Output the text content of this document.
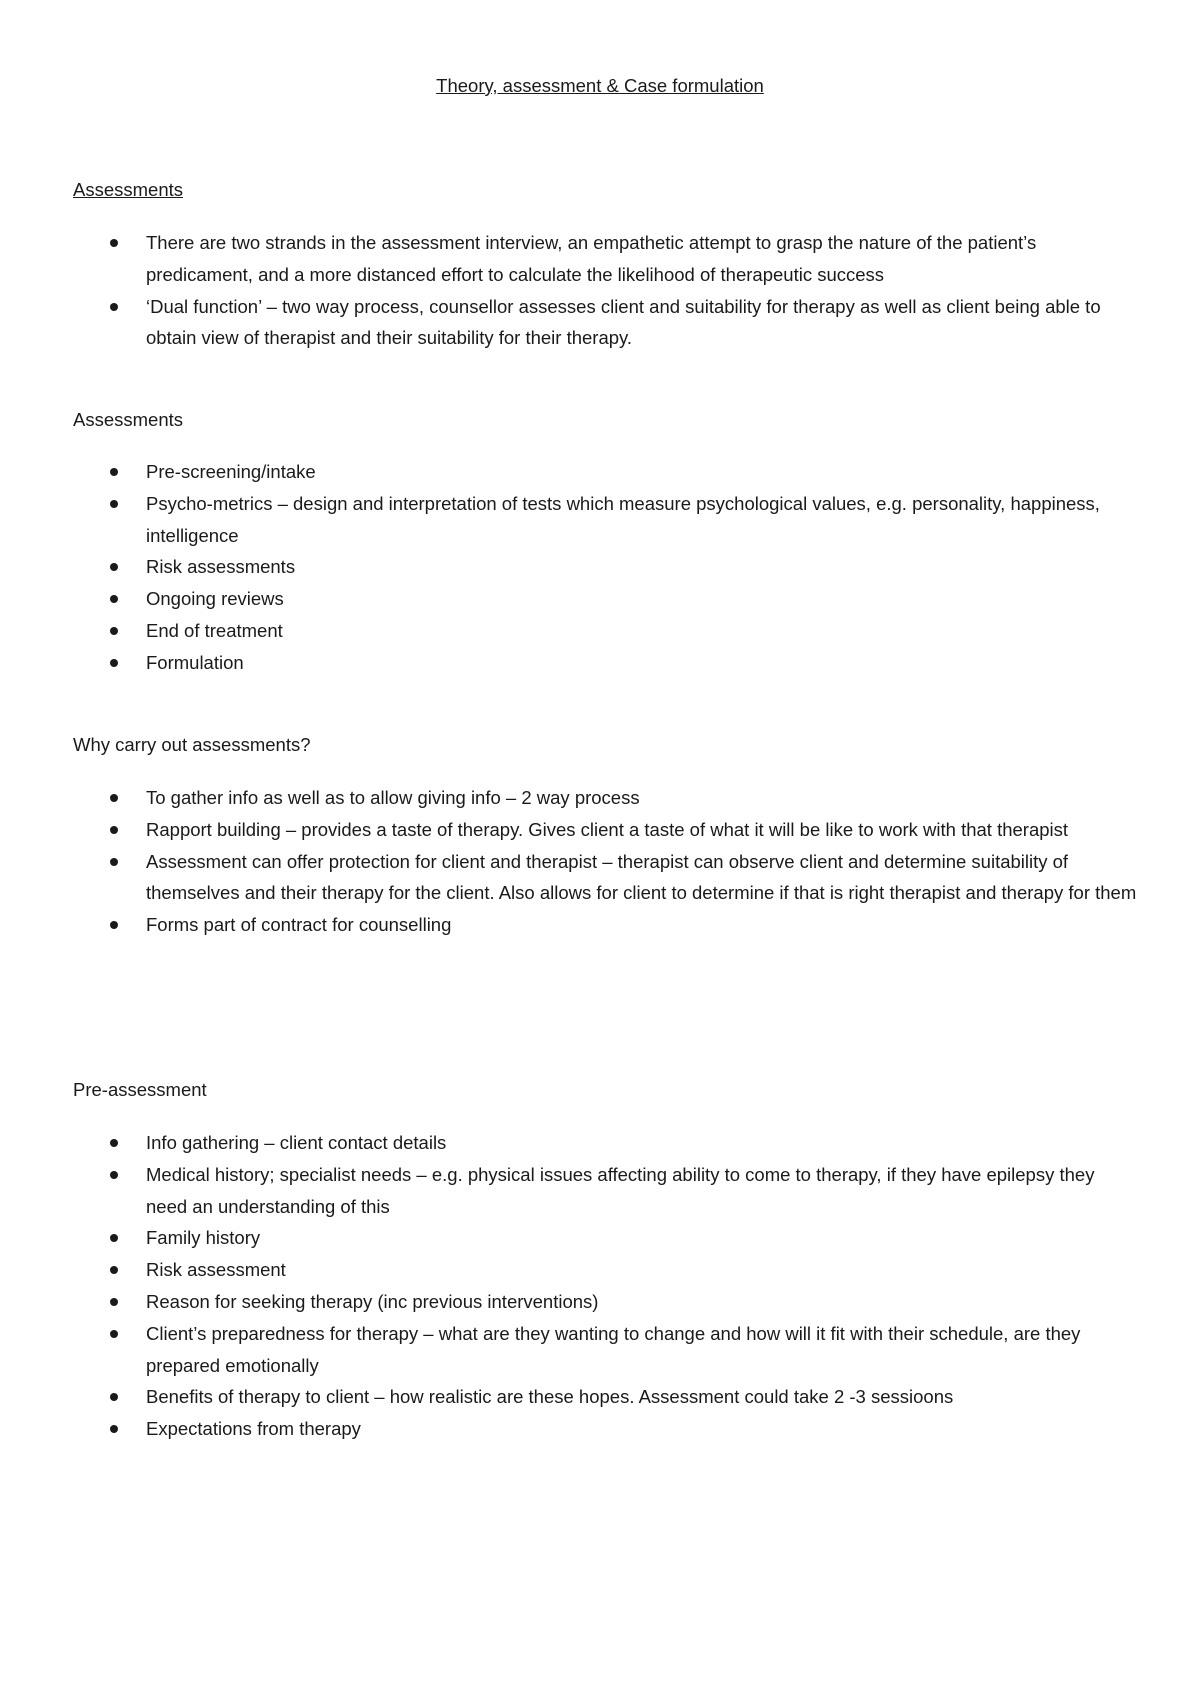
Theory, assessment & Case formulation
Assessments
There are two strands in the assessment interview, an empathetic attempt to grasp the nature of the patient’s predicament, and a more distanced effort to calculate the likelihood of therapeutic success
‘Dual function’ – two way process, counsellor assesses client and suitability for therapy as well as client being able to obtain view of therapist and their suitability for their therapy.
Assessments
Pre-screening/intake
Psycho-metrics – design and interpretation of tests which measure psychological values, e.g. personality, happiness, intelligence
Risk assessments
Ongoing reviews
End of treatment
Formulation
Why carry out assessments?
To gather info as well as to allow giving info – 2 way process
Rapport building – provides a taste of therapy. Gives client a taste of what it will be like to work with that therapist
Assessment can offer protection for client and therapist – therapist can observe client and determine suitability of themselves and their therapy for the client. Also allows for client to determine if that is right therapist and therapy for them
Forms part of contract for counselling
Pre-assessment
Info gathering – client contact details
Medical history; specialist needs – e.g. physical issues affecting ability to come to therapy, if they have epilepsy they need an understanding of this
Family history
Risk assessment
Reason for seeking therapy (inc previous interventions)
Client’s preparedness for therapy – what are they wanting to change and how will it fit with their schedule, are they prepared emotionally
Benefits of therapy to client – how realistic are these hopes. Assessment could take 2 -3 sessioons
Expectations from therapy
